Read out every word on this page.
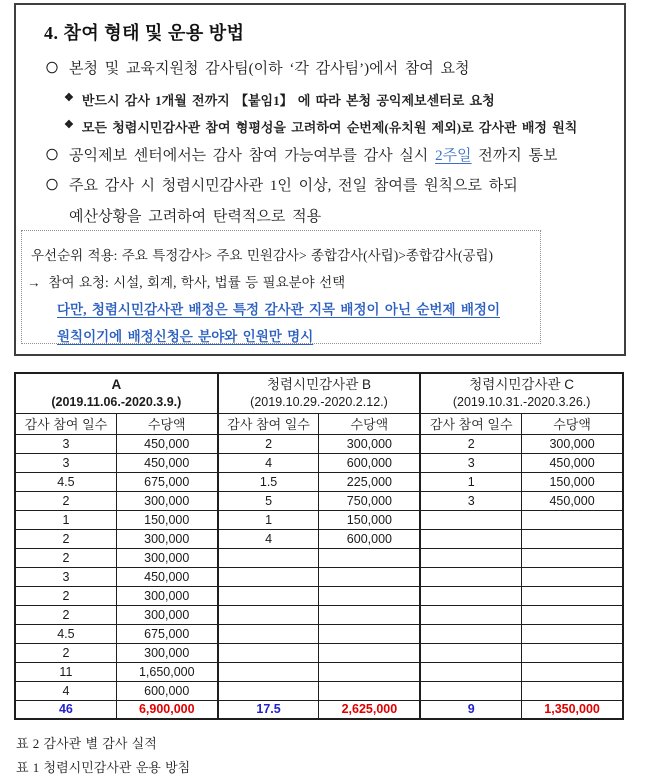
4. 참여 형태 및 운용 방법
〇 본청 및 교육지원청 감사팀(이하 ‘각 감사팀’)에서 참여 요청
❖ 반드시 감사 1개월 전까지 【붙임1】 에 따라 본청 공익제보센터로 요청
❖ 모든 청렴시민감사관 참여 형평성을 고려하여 순번제(유치원 제외)로 감사관 배정 원칙
〇 공익제보 센터에서는 감사 참여 가능여부를 감사 실시 2주일 전까지 통보
〇 주요 감사 시 청렴시민감사관 1인 이상, 전일 참여를 원칙으로 하되
예산상황을 고려하여 탄력적으로 적용
우선순위 적용: 주요 특정감사> 주요 민원감사> 종합감사(사립)>종합감사(공립)
→ 참여 요청: 시설, 회계, 학사, 법률 등 필요분야 선택
다만, 청렴시민감사관 배정은 특정 감사관 지목 배정이 아닌 순번제 배정이
원칙이기에 배정신청은 분야와 인원만 명시
A
(2019.11.06.-2020.3.9.)

청렴시민감사관 B
(2019.10.29.-2020.2.12.)

청렴시민감사관 C
(2019.10.31.-2020.3.26.)

감사 참여 일수	수당액	감사 참여 일수	수당액	감사 참여 일수	수당액
3	450,000	2	300,000	2	300,000
3	450,000	4	600,000	3	450,000
4.5	675,000	1.5	225,000	1	150,000
2	300,000	5	750,000	3	450,000
1	150,000	1	150,000		
2	300,000	4	600,000		
2	300,000				
3	450,000				
2	300,000				
2	300,000				
4.5	675,000				
2	300,000				
11	1,650,000				
4	600,000				
46	6,900,000	17.5	2,625,000	9	1,350,000
표 2 감사관 별 감사 실적
표 1 청렴시민감사관 운용 방침
